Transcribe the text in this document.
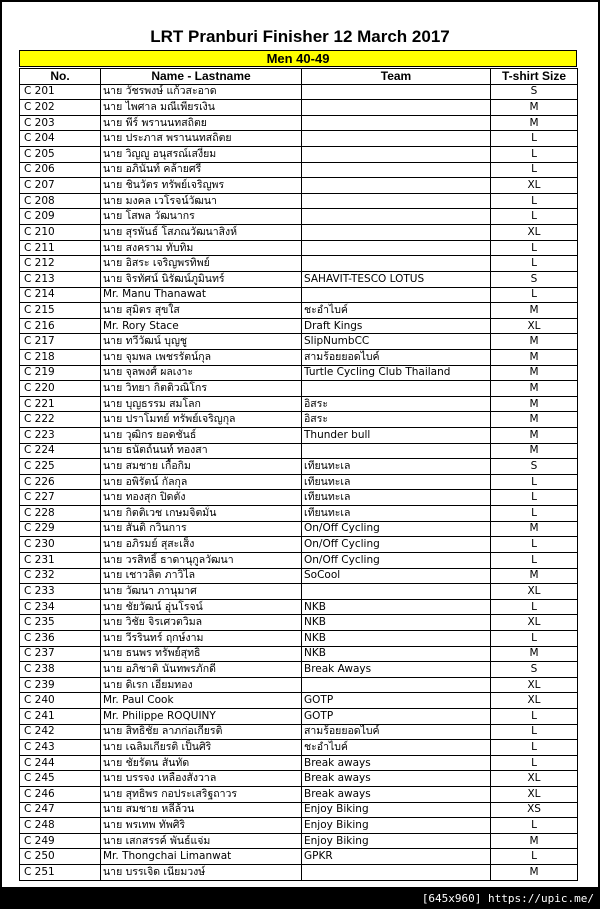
LRT Pranburi Finisher 12 March 2017
Men 40-49
No.	Name - Lastname	Team	T-shirt Size
C 201	นาย วัชรพงษ์ แก้วสะอาด		S
C 202	นาย ไพศาล มณีเพียรเงิน		M
C 203	นาย พีร์ พรานนทสถิตย		M
C 204	นาย ประภาส พรานนทสถิตย		L
C 205	นาย วิญญู อนุสรณ์เสงี่ยม		L
C 206	นาย อภินันท์ คล้ายศรี		L
C 207	นาย ชินวัตร ทรัพย์เจริญพร		XL
C 208	นาย มงคล เวโรจน์วัฒนา		L
C 209	นาย โสพล วัฒนากร		L
C 210	นาย สุรพันธ์ โสภณวัฒนาสิงห์		XL
C 211	นาย สงคราม ทับทิม		L
C 212	นาย อิสระ เจริญพรทิพย์		L
C 213	นาย จิรทัศน์ นิรัฒน์ภูมินทร์	SAHAVIT-TESCO LOTUS	S
C 214	Mr. Manu Thanawat		L
C 215	นาย สุมิตร สุขใส	ชะอำไบค์	M
C 216	Mr. Rory Stace	Draft Kings	XL
C 217	นาย ทวีวัฒน์ บุญชู	SlipNumbCC	M
C 218	นาย จุมพล เพชรรัตน์กุล	สามร้อยยอดไบค์	M
C 219	นาย จุลพงศ์ ผลเงาะ	Turtle Cycling Club Thailand	M
C 220	นาย วิทยา กิตติวณิโกร		M
C 221	นาย บุญธรรม สมโลก	อิสระ	M
C 222	นาย ปราโมทย์ ทรัพย์เจริญกุล	อิสระ	M
C 223	นาย วุฒิกร ยอดชันธ์	Thunder bull	M
C 224	นาย ธนัตถ์นนท์ ทองสา		M
C 225	นาย สมชาย เกื้อกิม	เทียนทะเล	S
C 226	นาย อพิรัตน์ กัลกุล	เทียนทะเล	L
C 227	นาย ทองสุก ปิดตัง	เทียนทะเล	L
C 228	นาย กิตติเวช เกษมจิตมั่น	เทียนทะเล	L
C 229	นาย สันติ กวินการ	On/Off Cycling	M
C 230	นาย อภิรมย์ สุสะเส็ง	On/Off Cycling	L
C 231	นาย วรสิทธิ์ ธาดานุกูลวัฒนา	On/Off Cycling	L
C 232	นาย เชาวลิต ภาวิไล	SoCool	M
C 233	นาย วัฒนา ภานุมาศ		XL
C 234	นาย ชัยวัฒน์ อุ่นโรจน์	NKB	L
C 235	นาย วิชัย จิรเศวตวิมล	NKB	XL
C 236	นาย วีรรินทร์ ฤกษ์งาม	NKB	L
C 237	นาย ธนพร ทรัพย์สุทธิ	NKB	M
C 238	นาย อภิชาติ นันทพรภักดี	Break Aways	S
C 239	นาย ดิเรก เอี่ยมทอง		XL
C 240	Mr. Paul Cook	GOTP	XL
C 241	Mr. Philippe ROQUINY	GOTP	L
C 242	นาย สิทธิชัย ลาภก่อเกียรติ	สามร้อยยอดไบค์	L
C 243	นาย เฉลิมเกียรติ เป็นศิริ	ชะอำไบค์	L
C 244	นาย ชัยรัตน สันทัด	Break aways	L
C 245	นาย บรรจง เหลืองสังวาล	Break aways	XL
C 246	นาย สุทธิพร กอประเสริฐถาวร	Break aways	XL
C 247	นาย สมชาย หลีล้วน	Enjoy Biking	XS
C 248	นาย พรเทพ ทัพศิริ	Enjoy Biking	L
C 249	นาย เสกสรรค์ พันธ์แจ่ม	Enjoy Biking	M
C 250	Mr. Thongchai Limanwat	GPKR	L
C 251	นาย บรรเจิด เนียมวงษ์		M
[645x960] https://upic.me/
